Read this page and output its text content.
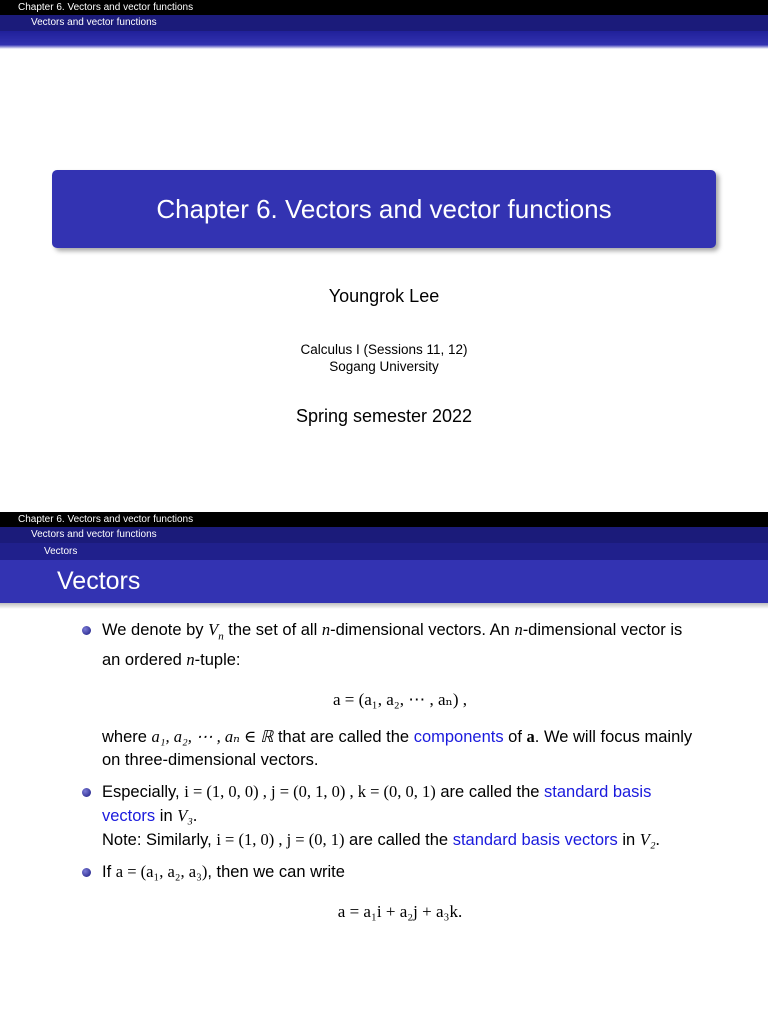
Chapter 6. Vectors and vector functions
Vectors and vector functions
Chapter 6. Vectors and vector functions
Youngrok Lee
Calculus I (Sessions 11, 12)
Sogang University
Spring semester 2022
Chapter 6. Vectors and vector functions
Vectors and vector functions
Vectors
Vectors
We denote by $V_n$ the set of all n-dimensional vectors. An n-dimensional vector is an ordered n-tuple:
a = (a₁, a₂, ⋯ , aₙ) ,
where a₁, a₂, ⋯ , aₙ ∈ ℝ that are called the components of a. We will focus mainly on three-dimensional vectors.
Especially, i = (1, 0, 0) , j = (0, 1, 0) , k = (0, 0, 1) are called the standard basis vectors in V₃.
Note: Similarly, i = (1, 0) , j = (0, 1) are called the standard basis vectors in V₂.
If a = (a₁, a₂, a₃), then we can write
a = a₁i + a₂j + a₃k.
